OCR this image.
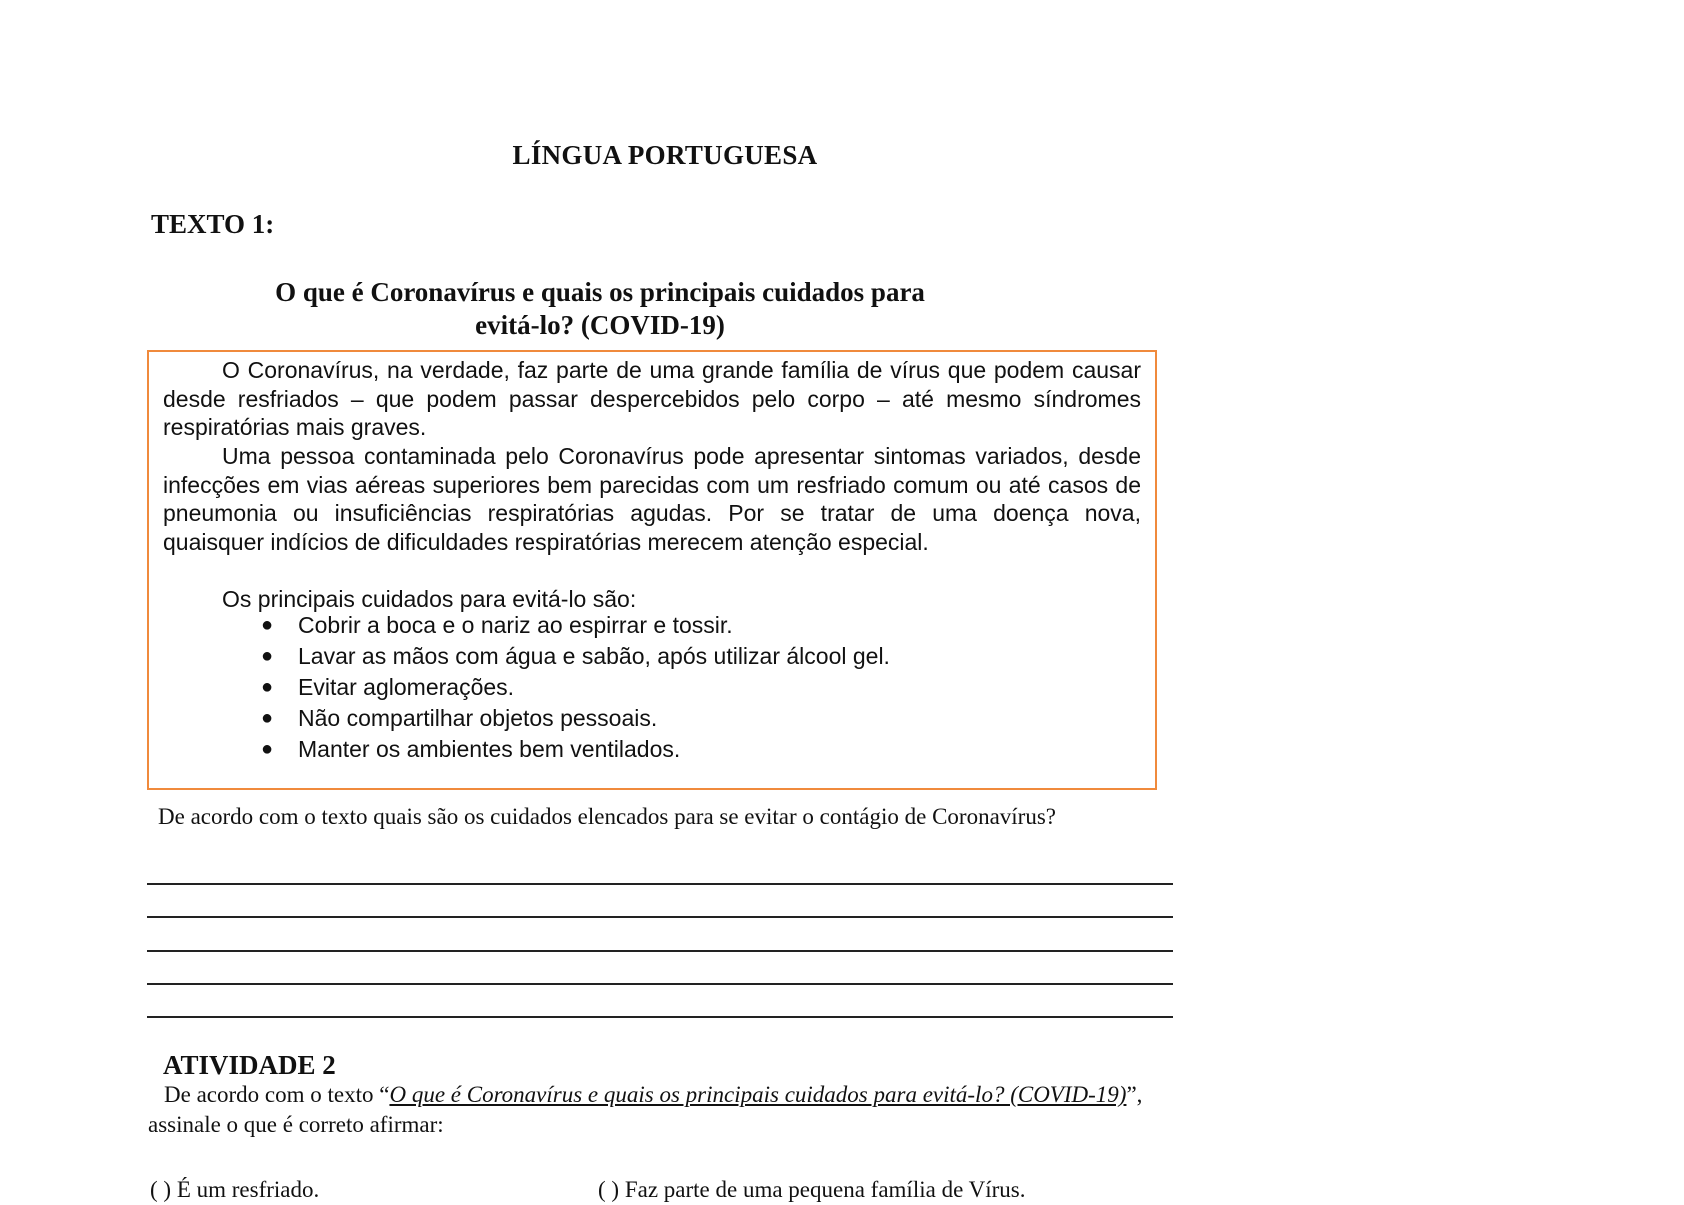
LÍNGUA PORTUGUESA
TEXTO 1:
O que é Coronavírus e quais os principais cuidados para
evitá-lo? (COVID-19)
O Coronavírus, na verdade, faz parte de uma grande família de vírus que podem causar desde resfriados – que podem passar despercebidos pelo corpo – até mesmo síndromes respiratórias mais graves.
Uma pessoa contaminada pelo Coronavírus pode apresentar sintomas variados, desde infecções em vias aéreas superiores bem parecidas com um resfriado comum ou até casos de pneumonia ou insuficiências respiratórias agudas. Por se tratar de uma doença nova, quaisquer indícios de dificuldades respiratórias merecem atenção especial.
Os principais cuidados para evitá-lo são:
● Cobrir a boca e o nariz ao espirrar e tossir.
● Lavar as mãos com água e sabão, após utilizar álcool gel.
● Evitar aglomerações.
● Não compartilhar objetos pessoais.
● Manter os ambientes bem ventilados.
De acordo com o texto quais são os cuidados elencados para se evitar o contágio de Coronavírus?
ATIVIDADE 2
De acordo com o texto “O que é Coronavírus e quais os principais cuidados para evitá-lo? (COVID-19)”, assinale o que é correto afirmar:
( ) É um resfriado.	( ) Faz parte de uma pequena família de Vírus.
